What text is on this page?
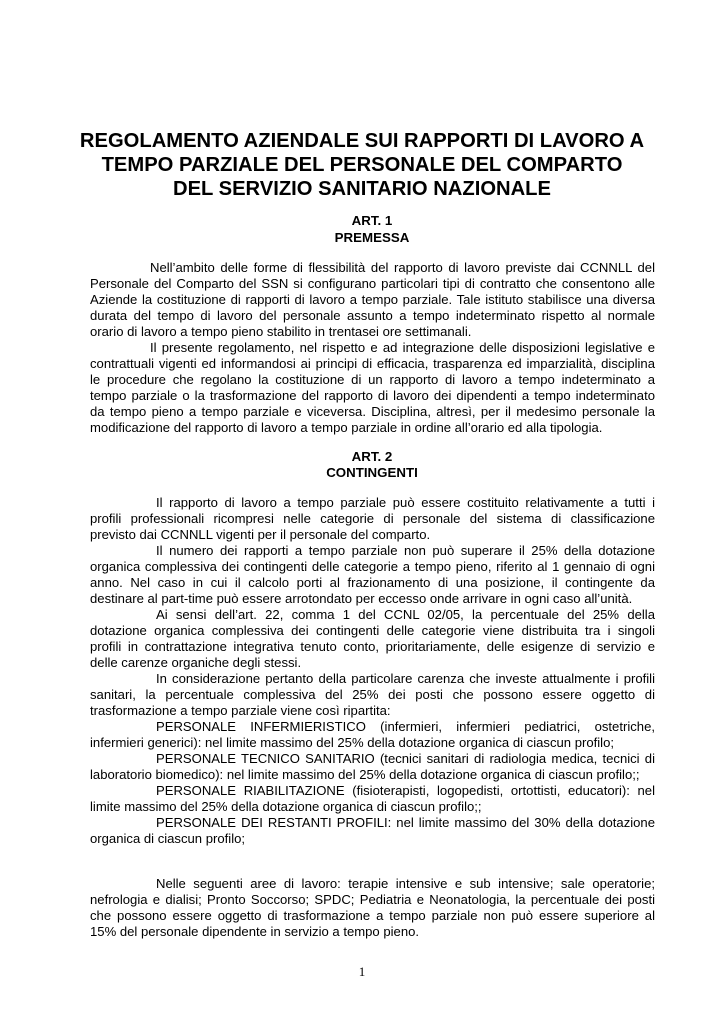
REGOLAMENTO AZIENDALE SUI RAPPORTI DI LAVORO A
TEMPO PARZIALE DEL PERSONALE DEL COMPARTO
DEL SERVIZIO SANITARIO NAZIONALE
ART. 1
PREMESSA
Nell’ambito delle forme di flessibilità del rapporto di lavoro previste dai CCNNLL del
Personale del Comparto del SSN si configurano particolari tipi di contratto che consentono alle
Aziende la costituzione di rapporti di lavoro a tempo parziale. Tale istituto stabilisce una diversa
durata del tempo di lavoro del personale assunto a tempo indeterminato rispetto al normale
orario di lavoro a tempo pieno stabilito in trentasei ore settimanali.
Il presente regolamento, nel rispetto e ad integrazione delle disposizioni legislative e
contrattuali vigenti ed informandosi ai principi di efficacia, trasparenza ed imparzialità, disciplina
le procedure che regolano la costituzione di un rapporto di lavoro a tempo indeterminato a
tempo parziale o la trasformazione del rapporto di lavoro dei dipendenti a tempo indeterminato
da tempo pieno a tempo parziale e viceversa. Disciplina, altresì, per il medesimo personale la
modificazione del rapporto di lavoro a tempo parziale in ordine all’orario ed alla tipologia.
ART. 2
CONTINGENTI
Il rapporto di lavoro a tempo parziale può essere costituito relativamente a tutti i
profili professionali ricompresi nelle categorie di personale del sistema di classificazione
previsto dai CCNNLL vigenti per il personale del comparto.
Il numero dei rapporti a tempo parziale non può superare il 25% della dotazione
organica complessiva dei contingenti delle categorie a tempo pieno, riferito al 1 gennaio di ogni
anno. Nel caso in cui il calcolo porti al frazionamento di una posizione, il contingente da
destinare al part-time può essere arrotondato per eccesso onde arrivare in ogni caso all’unità.
Ai sensi dell’art. 22, comma 1 del CCNL 02/05, la percentuale del 25% della
dotazione organica complessiva dei contingenti delle categorie viene distribuita tra i singoli
profili in contrattazione integrativa tenuto conto, prioritariamente, delle esigenze di servizio e
delle carenze organiche degli stessi.
In considerazione pertanto della particolare carenza che investe attualmente i profili
sanitari, la percentuale complessiva del 25% dei posti che possono essere oggetto di
trasformazione a tempo parziale viene così ripartita:
PERSONALE INFERMIERISTICO (infermieri, infermieri pediatrici, ostetriche,
infermieri generici): nel limite massimo del 25% della dotazione organica di ciascun profilo;
PERSONALE TECNICO SANITARIO (tecnici sanitari di radiologia medica, tecnici di
laboratorio biomedico): nel limite massimo del 25% della dotazione organica di ciascun profilo;;
PERSONALE RIABILITAZIONE (fisioterapisti, logopedisti, ortottisti, educatori): nel
limite massimo del 25% della dotazione organica di ciascun profilo;;
PERSONALE DEI RESTANTI PROFILI: nel limite massimo del 30% della dotazione
organica di ciascun profilo;
Nelle seguenti aree di lavoro: terapie intensive e sub intensive; sale operatorie;
nefrologia e dialisi; Pronto Soccorso; SPDC; Pediatria e Neonatologia, la percentuale dei posti
che possono essere oggetto di trasformazione a tempo parziale non può essere superiore al
15% del personale dipendente in servizio a tempo pieno.
1
